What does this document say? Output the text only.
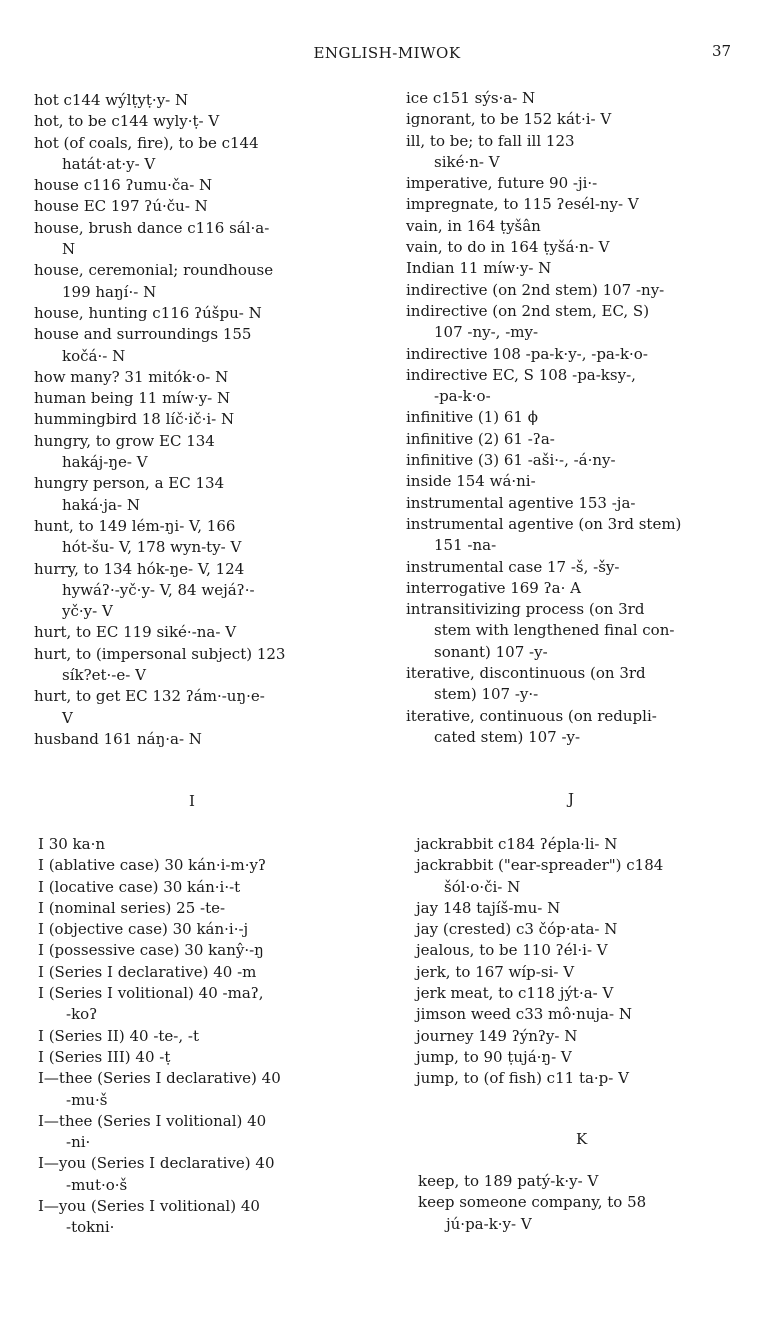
ENGLISH-MIWOK	37
hot c144 wýlṭyṭ·y- N
hot, to be c144 wyly·ṭ- V
hot (of coals, fire), to be c144
hatát·at·y- V
house c116 ʔumu·ča- N
house EC 197 ʔú·ču- N
house, brush dance c116 sál·a-
N
house, ceremonial; roundhouse
199 haŋí·- N
house, hunting c116 ʔúšpu- N
house and surroundings 155
kočá·- N
how many? 31 mitók·o- N
human being 11 míw·y- N
hummingbird 18 líč·ič·i- N
hungry, to grow EC 134
hakáj-ŋe- V
hungry person, a EC 134
haká·ja- N
hunt, to 149 lém-ŋi- V, 166
hót-šu- V, 178 wyn-ty- V
hurry, to 134 hók-ŋe- V, 124
hywáʔ·-yč·y- V, 84 wejáʔ·-
yč·y- V
hurt, to EC 119 siké·-na- V
hurt, to (impersonal subject) 123
sík?et·-e- V
hurt, to get EC 132 ʔám·-uŋ·e-
V
husband 161 náŋ·a- N
ice c151 sýs·a- N
ignorant, to be 152 kát·i- V
ill, to be; to fall ill 123
siké·n- V
imperative, future 90 -ji·-
impregnate, to 115 ʔesél-ny- V
vain, in 164 ṭyšân
vain, to do in 164 ṭyšá·n- V
Indian 11 míw·y- N
indirective (on 2nd stem) 107 -ny-
indirective (on 2nd stem, EC, S)
107 -ny-, -my-
indirective 108 -pa-k·y-, -pa-k·o-
indirective EC, S 108 -pa-ksy-,
-pa-k·o-
infinitive (1) 61 ϕ
infinitive (2) 61 -ʔa-
infinitive (3) 61 -aši·-, -á·ny-
inside 154 wá·ni-
instrumental agentive 153 -ja-
instrumental agentive (on 3rd stem)
151 -na-
instrumental case 17 -š, -šy-
interrogative 169 ʔa· A
intransitivizing process (on 3rd
stem with lengthened final con-
sonant) 107 -y-
iterative, discontinuous (on 3rd
stem) 107 -y·-
iterative, continuous (on redupli-
cated stem) 107 -y-
I	J
I 30 ka·n
I (ablative case) 30 kán·i-m·yʔ
I (locative case) 30 kán·i·-t
I (nominal series) 25 -te-
I (objective case) 30 kán·i·-j
I (possessive case) 30 kanŷ·-ŋ
I (Series I declarative) 40 -m
I (Series I volitional) 40 -maʔ,
-koʔ
I (Series II) 40 -te-, -t
I (Series III) 40 -ṭ
I—thee (Series I declarative) 40
-mu·š
I—thee (Series I volitional) 40
-ni·
I—you (Series I declarative) 40
-mut·o·š
I—you (Series I volitional) 40
-tokni·
jackrabbit c184 ʔépla·li- N
jackrabbit ("ear-spreader") c184
šól·o·či- N
jay 148 tajíš-mu- N
jay (crested) c3 čóp·ata- N
jealous, to be 110 ʔél·i- V
jerk, to 167 wíp-si- V
jerk meat, to c118 jýt·a- V
jimson weed c33 mô·nuja- N
journey 149 ʔýnʔy- N
jump, to 90 ṭujá·ŋ- V
jump, to (of fish) c11 ta·p- V
K
keep, to 189 patý-k·y- V
keep someone company, to 58
jú·pa-k·y- V
